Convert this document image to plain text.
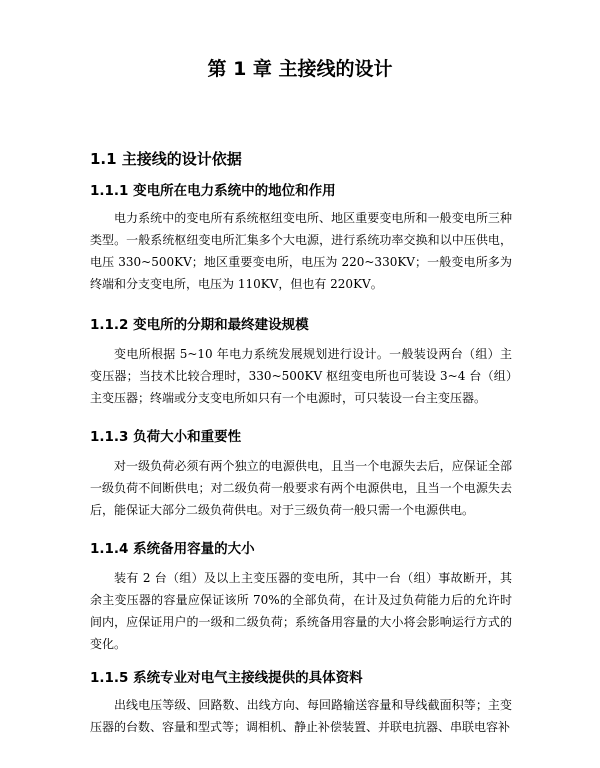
第 1 章 主接线的设计
1.1 主接线的设计依据
1.1.1 变电所在电力系统中的地位和作用
电力系统中的变电所有系统枢纽变电所、地区重要变电所和一般变电所三种类型。一般系统枢纽变电所汇集多个大电源，进行系统功率交换和以中压供电，电压 330~500KV；地区重要变电所，电压为 220~330KV；一般变电所多为终端和分支变电所，电压为 110KV，但也有 220KV。
1.1.2 变电所的分期和最终建设规模
变电所根据 5~10 年电力系统发展规划进行设计。一般装设两台（组）主变压器；当技术比较合理时，330~500KV 枢纽变电所也可装设 3~4 台（组）主变压器；终端或分支变电所如只有一个电源时，可只装设一台主变压器。
1.1.3 负荷大小和重要性
对一级负荷必须有两个独立的电源供电，且当一个电源失去后，应保证全部一级负荷不间断供电；对二级负荷一般要求有两个电源供电，且当一个电源失去后，能保证大部分二级负荷供电。对于三级负荷一般只需一个电源供电。
1.1.4 系统备用容量的大小
装有 2 台（组）及以上主变压器的变电所，其中一台（组）事故断开，其余主变压器的容量应保证该所 70%的全部负荷，在计及过负荷能力后的允许时间内，应保证用户的一级和二级负荷；系统备用容量的大小将会影响运行方式的变化。
1.1.5 系统专业对电气主接线提供的具体资料
出线电压等级、回路数、出线方向、每回路输送容量和导线截面积等；主变压器的台数、容量和型式等；调相机、静止补偿装置、并联电抗器、串联电容补
